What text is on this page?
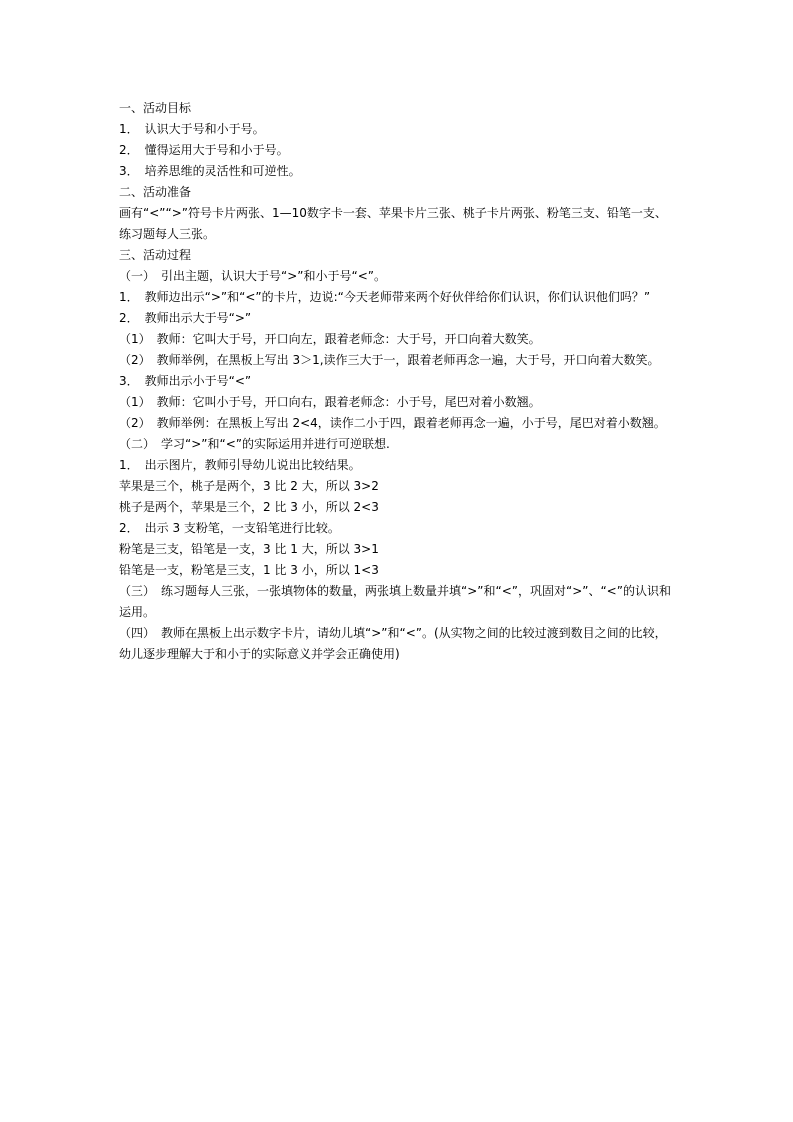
一、活动目标
1．　认识大于号和小于号。
2．　懂得运用大于号和小于号。
3．　培养思维的灵活性和可逆性。
二、活动准备
画有“<”“>”符号卡片两张、1—10数字卡一套、苹果卡片三张、桃子卡片两张、粉笔三支、铅笔一支、
练习题每人三张。
三、活动过程
（一）　引出主题，认识大于号“>”和小于号“<”。
1．　教师边出示“>”和“<”的卡片，边说:“今天老师带来两个好伙伴给你们认识，你们认识他们吗？”
2．　教师出示大于号“>”
（1）　教师：它叫大于号，开口向左，跟着老师念：大于号，开口向着大数笑。
（2）　教师举例，在黑板上写出 3＞1,读作三大于一，跟着老师再念一遍，大于号，开口向着大数笑。
3．　教师出示小于号“<”
（1）　教师：它叫小于号，开口向右，跟着老师念：小于号，尾巴对着小数翘。
（2）　教师举例：在黑板上写出 2<4，读作二小于四，跟着老师再念一遍，小于号，尾巴对着小数翘。
（二）　学习“>”和“<”的实际运用并进行可逆联想.
1．　出示图片，教师引导幼儿说出比较结果。
苹果是三个，桃子是两个，3 比 2 大，所以 3>2
桃子是两个，苹果是三个，2 比 3 小，所以 2<3
2．　出示 3 支粉笔，一支铅笔进行比较。
粉笔是三支，铅笔是一支，3 比 1 大，所以 3>1
铅笔是一支，粉笔是三支，1 比 3 小，所以 1<3
（三）　练习题每人三张，一张填物体的数量，两张填上数量并填“>”和“<”，巩固对“>”、“<”的认识和
运用。
（四）　教师在黑板上出示数字卡片，请幼儿填“>”和“<”。(从实物之间的比较过渡到数目之间的比较，
幼儿逐步理解大于和小于的实际意义并学会正确使用)
